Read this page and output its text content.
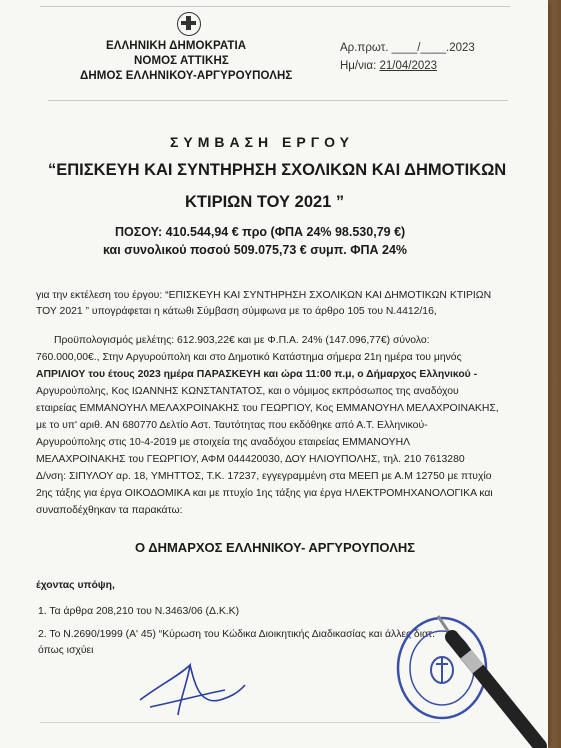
ΕΛΛΗΝΙΚΗ ΔΗΜΟΚΡΑΤΙΑ
ΝΟΜΟΣ ΑΤΤΙΚΗΣ
ΔΗΜΟΣ ΕΛΛΗΝΙΚΟΥ-ΑΡΓΥΡΟΥΠΟΛΗΣ
Αρ.πρωτ. ____/____.2023
Ημ/νια: 21/04/2023
ΣΥΜΒΑΣΗ ΕΡΓΟΥ
“ΕΠΙΣΚΕΥΗ ΚΑΙ ΣΥΝΤΗΡΗΣΗ ΣΧΟΛΙΚΩΝ ΚΑΙ ΔΗΜΟΤΙΚΩΝ
ΚΤΙΡΙΩΝ ΤΟΥ 2021 ”
ΠΟΣΟΥ: 410.544,94 € προ (ΦΠΑ 24% 98.530,79 €)
και συνολικού ποσού 509.075,73 € συμπ. ΦΠΑ 24%
για την εκτέλεση του έργου: “ΕΠΙΣΚΕΥΗ ΚΑΙ ΣΥΝΤΗΡΗΣΗ ΣΧΟΛΙΚΩΝ ΚΑΙ ΔΗΜΟΤΙΚΩΝ ΚΤΙΡΙΩΝ
ΤΟΥ 2021 ” υπογράφεται η κάτωθι Σύμβαση σύμφωνα με το άρθρο 105 του Ν.4412/16,
Προϋπολογισμός μελέτης: 612.903,22€ και με Φ.Π.Α. 24% (147.096,77€) σύνολο:
760.000,00€., Στην Αργυρούπολη και στο Δημοτικό Κατάστημα σήμερα 21η ημέρα του μηνός
ΑΠΡΙΛΙΟΥ του έτους 2023 ημέρα ΠΑΡΑΣΚΕΥΗ και ώρα 11:00 π.μ, ο Δήμαρχος Ελληνικού -
Αργυρούπολης, Κος ΙΩΑΝΝΗΣ ΚΩΝΣΤΑΝΤΑΤΟΣ, και ο νόμιμος εκπρόσωπος της αναδόχου
εταιρείας ΕΜΜΑΝΟΥΗΛ ΜΕΛΑΧΡΟΙΝΑΚΗΣ του ΓΕΩΡΓΙΟΥ, Κος ΕΜΜΑΝΟΥΗΛ ΜΕΛΑΧΡΟΙΝΑΚΗΣ,
με το υπ' αριθ. ΑΝ 680770 Δελτίο Αστ. Ταυτότητας που εκδόθηκε από Α.Τ. Ελληνικού-
Αργυρούπολης στις 10-4-2019 με στοιχεία της αναδόχου εταιρείας ΕΜΜΑΝΟΥΗΛ
ΜΕΛΑΧΡΟΙΝΑΚΗΣ του ΓΕΩΡΓΙΟΥ, ΑΦΜ 044420030, ΔΟΥ ΗΛΙΟΥΠΟΛΗΣ, τηλ. 210 7613280
Δ/νση: ΣΙΠΥΛΟΥ αρ. 18, ΥΜΗΤΤΟΣ, Τ.Κ. 17237, εγγεγραμμένη στα ΜΕΕΠ με Α.Μ 12750 με πτυχίο
2ης τάξης για έργα ΟΙΚΟΔΟΜΙΚΑ και με πτυχίο 1ης τάξης για έργα ΗΛΕΚΤΡΟΜΗΧΑΝΟΛΟΓΙΚΑ και
συναποδέχθηκαν τα παρακάτω:
Ο ΔΗΜΑΡΧΟΣ ΕΛΛΗΝΙΚΟΥ- ΑΡΓΥΡΟΥΠΟΛΗΣ
έχοντας υπόψη,
1. Τα άρθρα 208,210 του Ν.3463/06 (Δ.Κ.Κ)
2. Το Ν.2690/1999 (Α' 45) “Κύρωση του Κώδικα Διοικητικής Διαδικασίας και άλλες διατ.
όπως ισχύει
